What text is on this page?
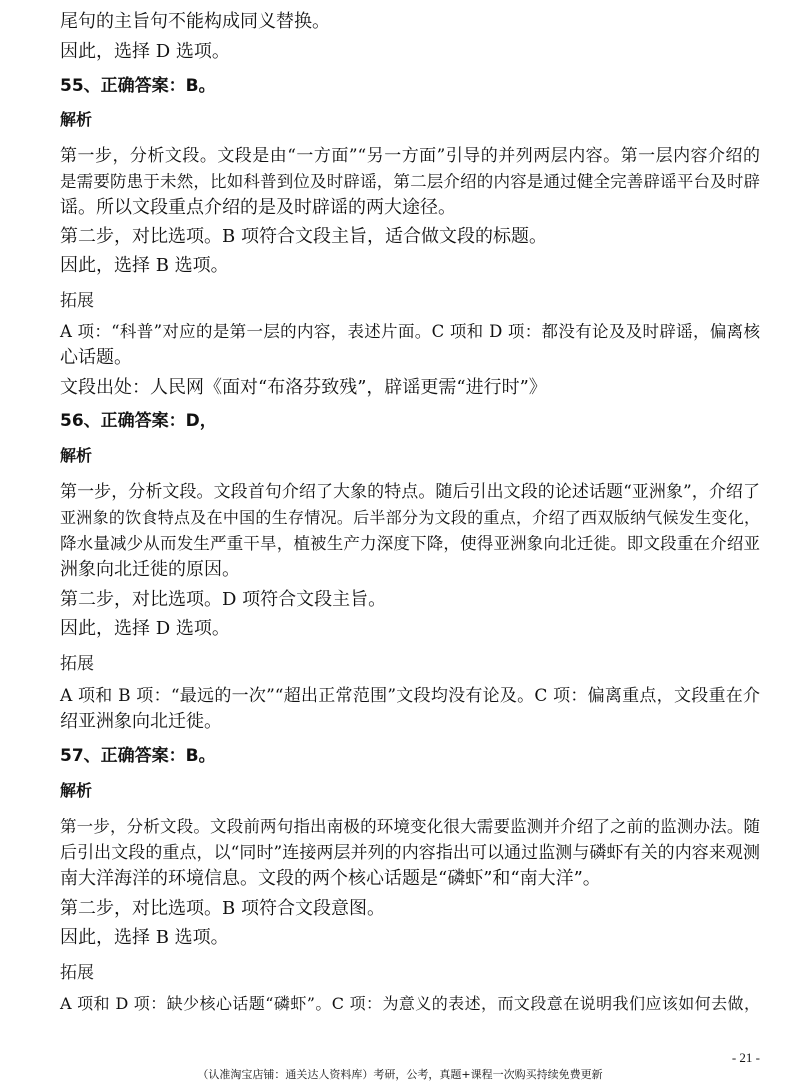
尾句的主旨句不能构成同义替换。
因此，选择 D 选项。
55、正确答案：B。
解析
第一步，分析文段。文段是由“一方面”“另一方面”引导的并列两层内容。第一层内容介绍的
是需要防患于未然，比如科普到位及时辟谣，第二层介绍的内容是通过健全完善辟谣平台及时辟
谣。所以文段重点介绍的是及时辟谣的两大途径。
第二步，对比选项。B 项符合文段主旨，适合做文段的标题。
因此，选择 B 选项。
拓展
A 项：“科普”对应的是第一层的内容，表述片面。C 项和 D 项：都没有论及及时辟谣，偏离核
心话题。
文段出处：人民网《面对“布洛芬致残”，辟谣更需“进行时”》
56、正确答案：D，
解析
第一步，分析文段。文段首句介绍了大象的特点。随后引出文段的论述话题“亚洲象”，介绍了
亚洲象的饮食特点及在中国的生存情况。后半部分为文段的重点，介绍了西双版纳气候发生变化，
降水量减少从而发生严重干旱，植被生产力深度下降，使得亚洲象向北迁徙。即文段重在介绍亚
洲象向北迁徙的原因。
第二步，对比选项。D 项符合文段主旨。
因此，选择 D 选项。
拓展
A 项和 B 项：“最远的一次”“超出正常范围”文段均没有论及。C 项：偏离重点，文段重在介
绍亚洲象向北迁徙。
57、正确答案：B。
解析
第一步，分析文段。文段前两句指出南极的环境变化很大需要监测并介绍了之前的监测办法。随
后引出文段的重点，以“同时”连接两层并列的内容指出可以通过监测与磷虾有关的内容来观测
南大洋海洋的环境信息。文段的两个核心话题是“磷虾”和“南大洋”。
第二步，对比选项。B 项符合文段意图。
因此，选择 B 选项。
拓展
A 项和 D 项：缺少核心话题“磷虾”。C 项：为意义的表述，而文段意在说明我们应该如何去做，
- 21 -
（认准淘宝店铺：通关达人资料库）考研，公考，真题+课程一次购买持续免费更新
